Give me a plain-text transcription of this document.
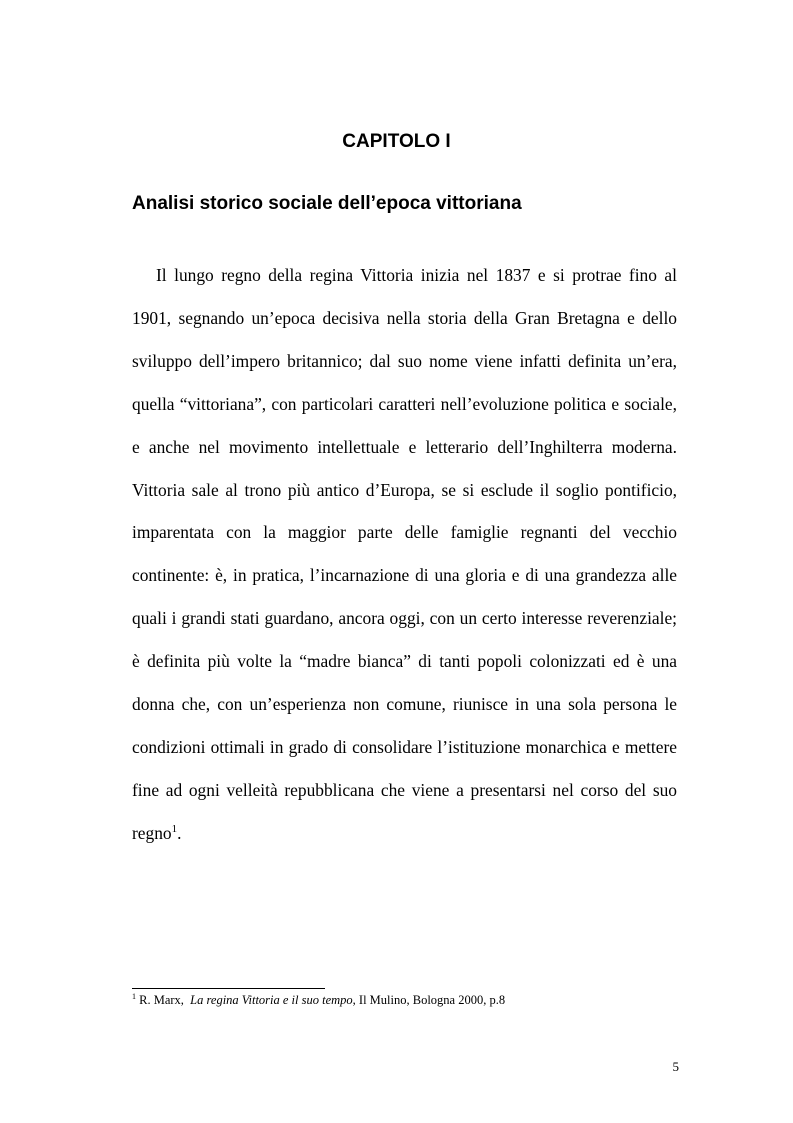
CAPITOLO I
Analisi storico sociale dell’epoca vittoriana

Il lungo regno della regina Vittoria inizia nel 1837 e si protrae fino al 1901, segnando un’epoca decisiva nella storia della Gran Bretagna e dello sviluppo dell’impero britannico; dal suo nome viene infatti definita un’era, quella “vittoriana”, con particolari caratteri nell’evoluzione politica e sociale, e anche nel movimento intellettuale e letterario dell’Inghilterra moderna. Vittoria sale al trono più antico d’Europa, se si esclude il soglio pontificio, imparentata con la maggior parte delle famiglie regnanti del vecchio continente: è, in pratica, l’incarnazione di una gloria e di una grandezza alle quali i grandi stati guardano, ancora oggi, con un certo interesse reverenziale; è definita più volte la “madre bianca” di tanti popoli colonizzati ed è una donna che, con un’esperienza non comune, riunisce in una sola persona le condizioni ottimali in grado di consolidare l’istituzione monarchica e mettere fine ad ogni velleità repubblicana che viene a presentarsi nel corso del suo regno$^1$.

$^1$ R. Marx, La regina Vittoria e il suo tempo, Il Mulino, Bologna 2000, p.8

5
